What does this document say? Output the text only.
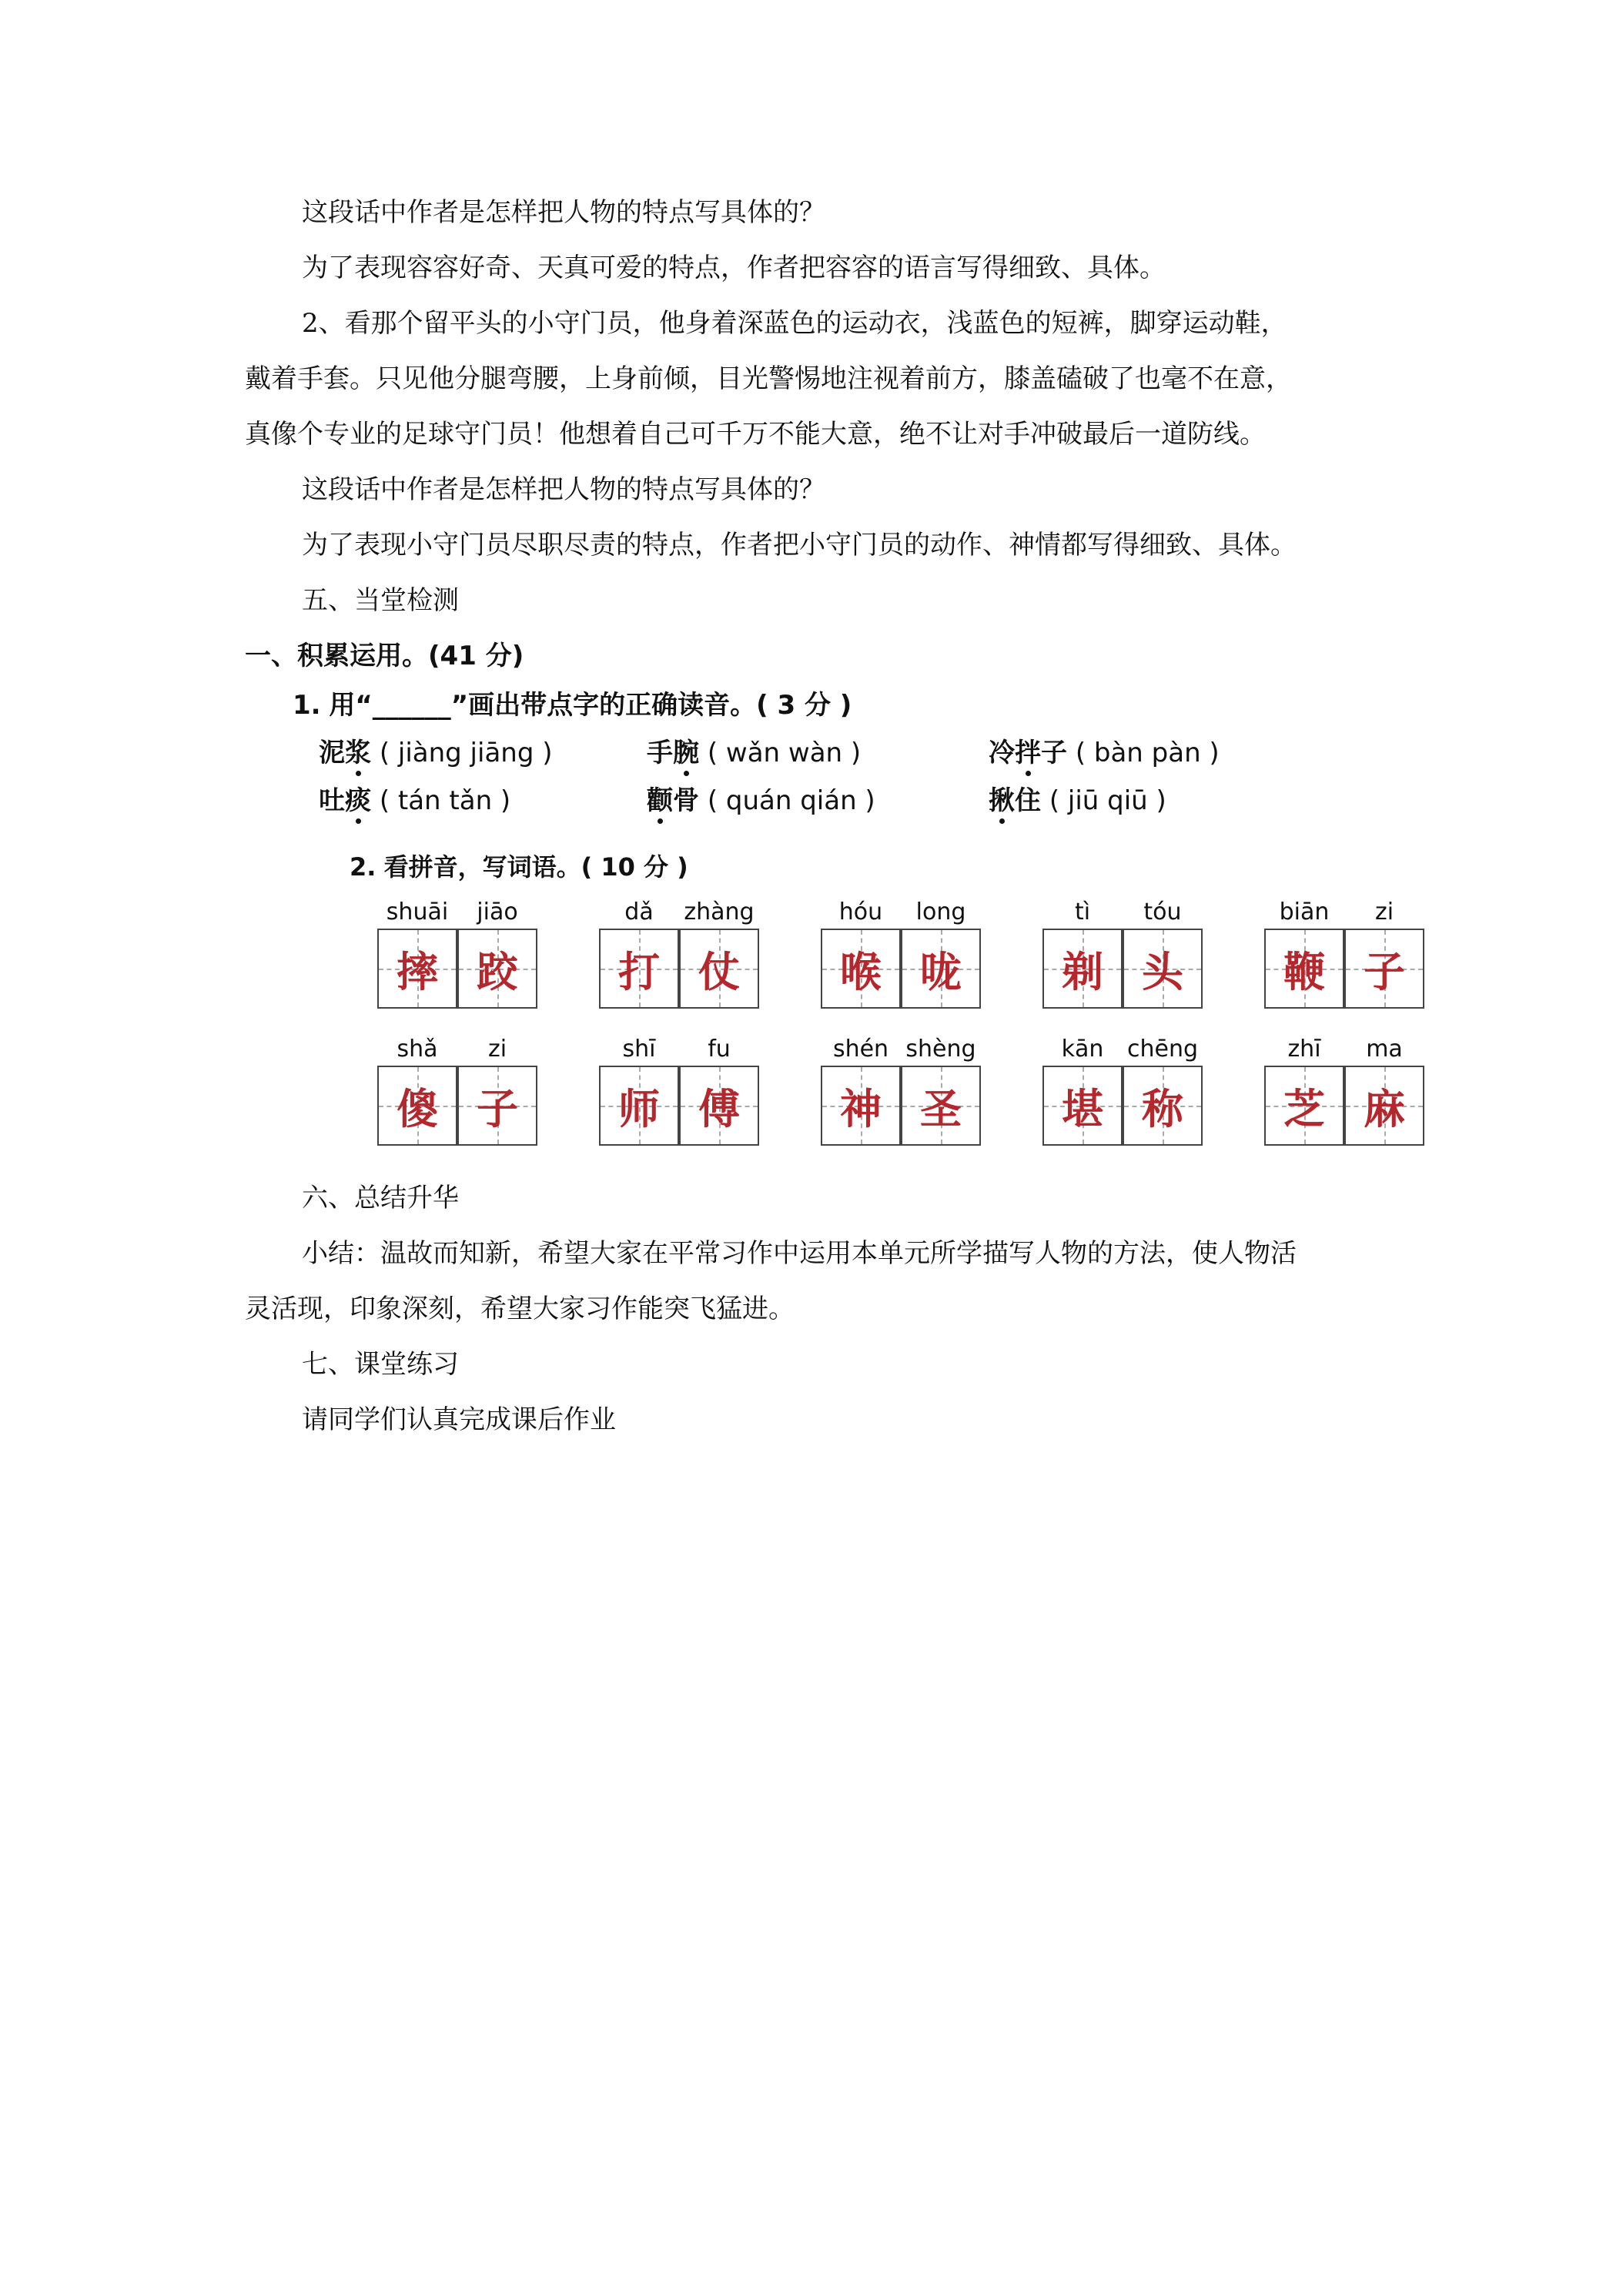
这段话中作者是怎样把人物的特点写具体的？
为了表现容容好奇、天真可爱的特点，作者把容容的语言写得细致、具体。
2、看那个留平头的小守门员，他身着深蓝色的运动衣，浅蓝色的短裤，脚穿运动鞋，
戴着手套。只见他分腿弯腰，上身前倾，目光警惕地注视着前方，膝盖磕破了也毫不在意，
真像个专业的足球守门员！他想着自己可千万不能大意，绝不让对手冲破最后一道防线。
这段话中作者是怎样把人物的特点写具体的？
为了表现小守门员尽职尽责的特点，作者把小守门员的动作、神情都写得细致、具体。
五、当堂检测
一、积累运用。(41 分)
1. 用“______”画出带点字的正确读音。( 3 分 )
泥浆 ( jiàng jiāng )	手腕 ( wǎn wàn )	冷拌子 ( bàn pàn )
吐痰 ( tán tǎn )	颧骨 ( quán qián )	揪住 ( jiū qiū )
2. 看拼音，写词语。( 10 分 )
shuāi	jiāo
摔 跤
dǎ	zhàng
打 仗
hóu	long
喉 咙
tì	tóu
剃 头
biān	zi
鞭 子
shǎ	zi
傻 子
shī	fu
师 傅
shén shèng
神 圣
kān	chēng
堪 称
zhī	ma
芝 麻
六、总结升华
小结：温故而知新，希望大家在平常习作中运用本单元所学描写人物的方法，使人物活
灵活现，印象深刻，希望大家习作能突飞猛进。
七、课堂练习
请同学们认真完成课后作业
